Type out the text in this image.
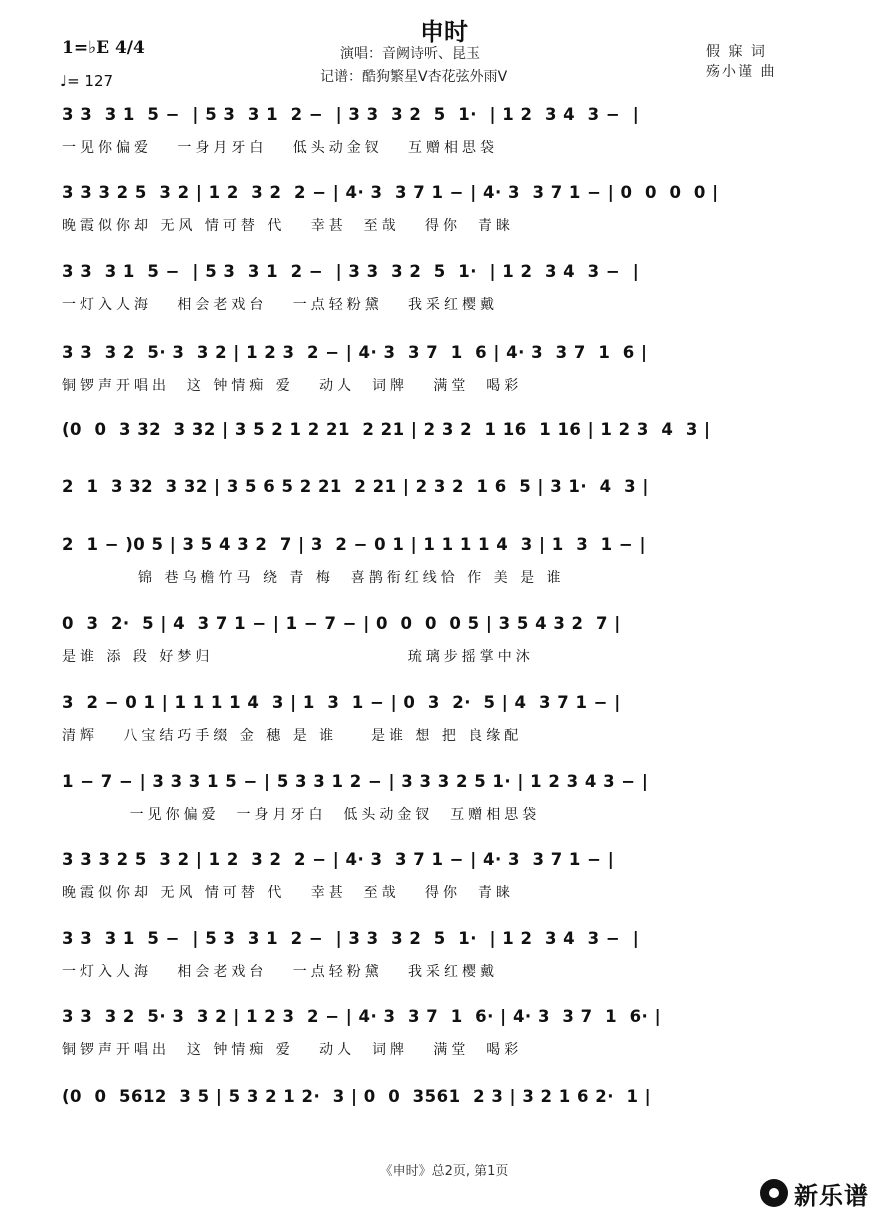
申时
演唱：音阙诗听、昆玉
记谱：酷狗繁星V杏花弦外雨V
假 寐 词
殇小谨 曲
1=♭E 4/4
♩= 127
3 3  3 1  5 −  | 5 3  3 1  2 −  | 3 3  3 2  5  1·  | 1 2  3 4  3 −  |
一见你偏爱   一身月牙白   低头动金钗   互赠相思袋
3 3 3 2 5  3 2 | 1 2  3 2  2 − | 4· 3  3 7 1 − | 4· 3  3 7 1 − | 0  0  0  0 |
晚霞似你却 无风 情可替 代   幸甚  至哉   得你  青睐
3 3  3 1  5 −  | 5 3  3 1  2 −  | 3 3  3 2  5  1·  | 1 2  3 4  3 −  |
一灯入人海   相会老戏台   一点轻粉黛   我采红樱戴
3 3  3 2  5· 3  3 2 | 1 2 3  2 − | 4· 3  3 7  1  6 | 4· 3  3 7  1  6 |
铜锣声开唱出  这 钟情痴 爱   动人  词牌   满堂  喝彩
(0  0  3 32  3 32 | 3 5 2 1 2 21  2 21 | 2 3 2  1 16  1 16 | 1 2 3  4  3 |
2  1  3 32  3 32 | 3 5 6 5 2 21  2 21 | 2 3 2  1 6  5 | 3 1·  4  3 |
2  1 − )0 5 | 3 5 4 3 2  7 | 3  2 − 0 1 | 1 1 1 1 4  3 | 1  3  1 − |
锦 巷乌檐竹马 绕 青 梅  喜鹊衔红线恰 作 美 是 谁
0  3  2·  5 | 4  3 7 1 − | 1 − 7 − | 0  0  0  0 5 | 3 5 4 3 2  7 |
是谁 添 段 好梦归                       琉璃步摇掌中沐
3  2 − 0 1 | 1 1 1 1 4  3 | 1  3  1 − | 0  3  2·  5 | 4  3 7 1 − |
清辉   八宝结巧手缀 金 穗 是 谁    是谁 想 把 良缘配
1 − 7 − | 3 3 3 1 5 − | 5 3 3 1 2 − | 3 3 3 2 5 1· | 1 2 3 4 3 − |
一见你偏爱  一身月牙白  低头动金钗  互赠相思袋
3 3 3 2 5  3 2 | 1 2  3 2  2 − | 4· 3  3 7 1 − | 4· 3  3 7 1 − |
晚霞似你却 无风 情可替 代   幸甚  至哉   得你  青睐
3 3  3 1  5 −  | 5 3  3 1  2 −  | 3 3  3 2  5  1·  | 1 2  3 4  3 −  |
一灯入人海   相会老戏台   一点轻粉黛   我采红樱戴
3 3  3 2  5· 3  3 2 | 1 2 3  2 − | 4· 3  3 7  1  6· | 4· 3  3 7  1  6· |
铜锣声开唱出  这 钟情痴 爱   动人  词牌   满堂  喝彩
(0  0  5612  3 5 | 5 3 2 1 2·  3 | 0  0  3561  2 3 | 3 2 1 6 2·  1 |
《申时》总2页, 第1页
新乐谱
